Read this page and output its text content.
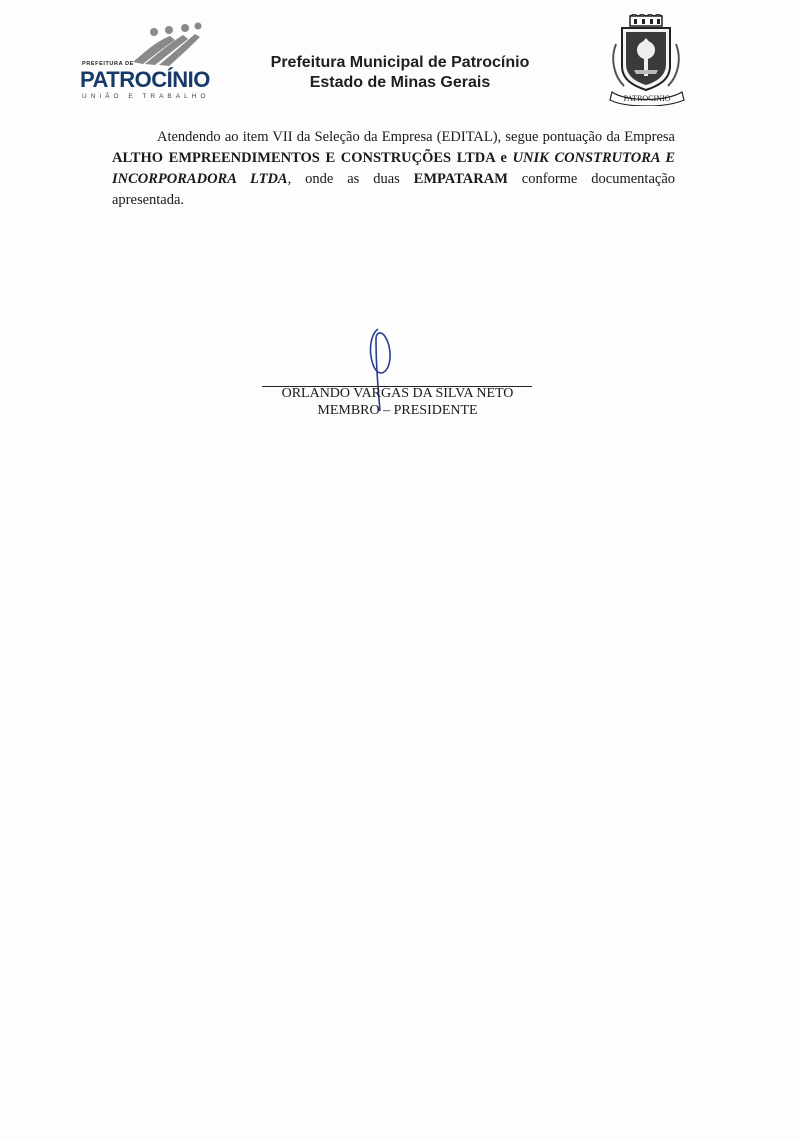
PREFEITURA DE
PATROCÍNIO
UNIÃO E TRABALHO
Prefeitura Municipal de Patrocínio
Estado de Minas Gerais
PATROCINIO
Atendendo ao item VII da Seleção da Empresa (EDITAL), segue pontuação da Empresa ALTHO EMPREENDIMENTOS E CONSTRUÇÕES LTDA e UNIK CONSTRUTORA E INCORPORADORA LTDA, onde as duas EMPATARAM conforme documentação apresentada.
ORLANDO VARGAS DA SILVA NETO
MEMBRO – PRESIDENTE
